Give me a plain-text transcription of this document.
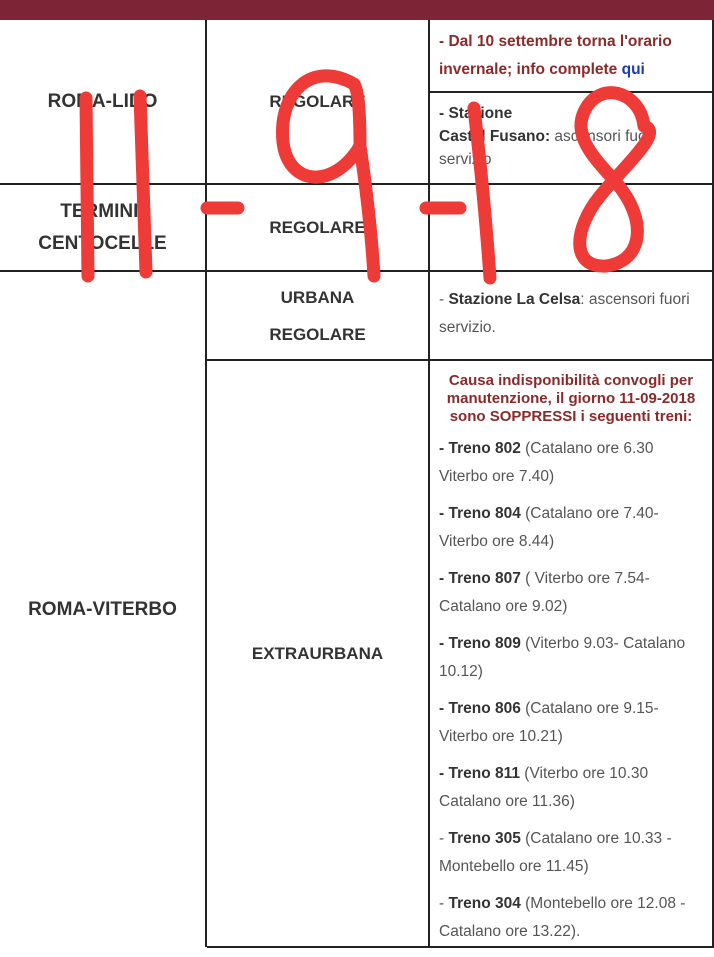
ROMA-LIDO	REGOLARE
- Dal 10 settembre torna l'orario invernale; info complete qui
- Stazione
Castel Fusano: ascensori fuori servizio
TERMINI-
CENTOCELLE
REGOLARE
ROMA-VITERBO
URBANA
REGOLARE
- Stazione La Celsa: ascensori fuori servizio.
EXTRAURBANA
Causa indisponibilità convogli per manutenzione, il giorno 11-09-2018 sono SOPPRESSI i seguenti treni:
- Treno 802 (Catalano ore 6.30 Viterbo ore 7.40)
- Treno 804 (Catalano ore 7.40- Viterbo ore 8.44)
- Treno 807 ( Viterbo ore 7.54- Catalano ore 9.02)
- Treno 809 (Viterbo 9.03- Catalano 10.12)
- Treno 806 (Catalano ore 9.15- Viterbo ore 10.21)
- Treno 811 (Viterbo ore 10.30 Catalano ore 11.36)
- Treno 305 (Catalano ore 10.33 - Montebello ore 11.45)
- Treno 304 (Montebello ore 12.08 - Catalano ore 13.22).
